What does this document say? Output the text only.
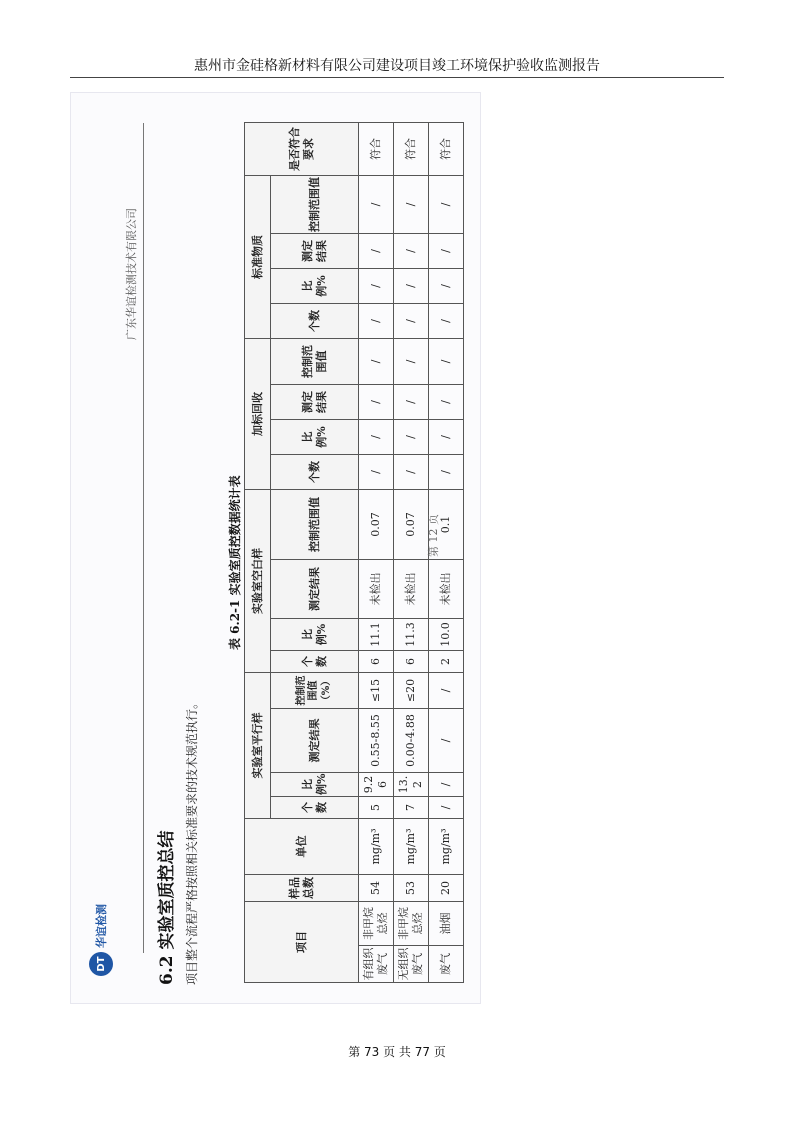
惠州市金硅格新材料有限公司建设项目竣工环境保护验收监测报告
DT
华谊检测
广东华谊检测技术有限公司
6.2 实验室质控总结 项目整个流程严格按照相关标准要求的技术规范执行。
表 6.2-1 实验室质控数据统计表
项目		样品总数	单位	实验室平行样				实验室空白样				加标回收				标准物质				是否符合要求
				个数	比例%	测定结果	控制范围值（%）	个数	比例%	测定结果	控制范围值	个数	比例%	测定结果	控制范围值	个数	比例%	测定结果	控制范围值	
有组织废气	非甲烷总烃	54	mg/m³	5	9.26	0.55-8.55	≤15	6	11.1	未检出	0.07	/	/	/	/	/	/	/	/	符合
无组织废气	非甲烷总烃	53	mg/m³	7	13.2	0.00-4.88	≤20	6	11.3	未检出	0.07	/	/	/	/	/	/	/	/	符合
废气	油烟	20	mg/m³	/	/	/	/	2	10.0	未检出	0.1	/	/	/	/	/	/	/	/	符合
第 12 页
第 73 页 共 77 页
